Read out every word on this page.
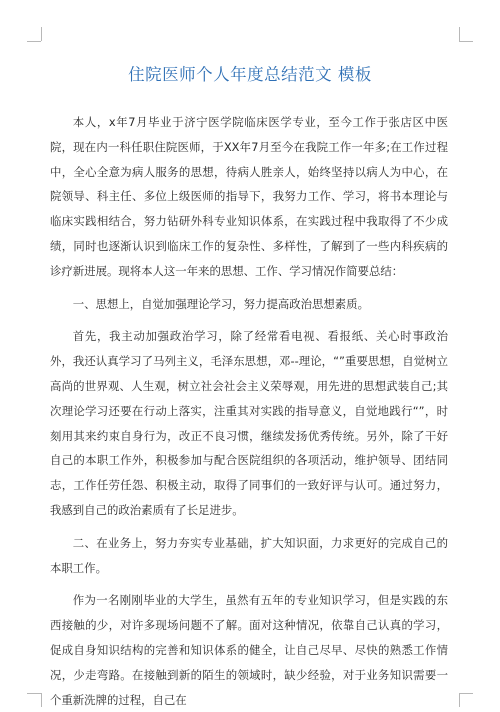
住院医师个人年度总结范文 模板

本人，x年7月毕业于济宁医学院临床医学专业，至今工作于张店区中医院，现在内一科任职住院医师，于XX年7月至今在我院工作一年多;在工作过程中，全心全意为病人服务的思想，待病人胜亲人，始终坚持以病人为中心，在院领导、科主任、多位上级医师的指导下，我努力工作、学习，将书本理论与临床实践相结合，努力钻研外科专业知识体系，在实践过程中我取得了不少成绩，同时也逐渐认识到临床工作的复杂性、多样性，了解到了一些内科疾病的诊疗新进展。现将本人这一年来的思想、工作、学习情况作简要总结：

一、思想上，自觉加强理论学习，努力提高政治思想素质。

首先，我主动加强政治学习，除了经常看电视、看报纸、关心时事政治外，我还认真学习了马列主义，毛泽东思想，邓--理论，“”重要思想，自觉树立高尚的世界观、人生观，树立社会社会主义荣辱观，用先进的思想武装自己;其次理论学习还要在行动上落实，注重其对实践的指导意义，自觉地践行“”，时刻用其来约束自身行为，改正不良习惯，继续发扬优秀传统。另外，除了干好自己的本职工作外，积极参加与配合医院组织的各项活动，维护领导、团结同志，工作任劳任怨、积极主动，取得了同事们的一致好评与认可。通过努力，我感到自己的政治素质有了长足进步。

二、在业务上，努力夯实专业基础，扩大知识面，力求更好的完成自己的本职工作。

作为一名刚刚毕业的大学生，虽然有五年的专业知识学习，但是实践的东西接触的少，对许多现场问题不了解。面对这种情况，依靠自己认真的学习，促成自身知识结构的完善和知识体系的健全，让自己尽早、尽快的熟悉工作情况，少走弯路。在接触到新的陌生的领域时，缺少经验，对于业务知识需要一个重新洗牌的过程，自己在
